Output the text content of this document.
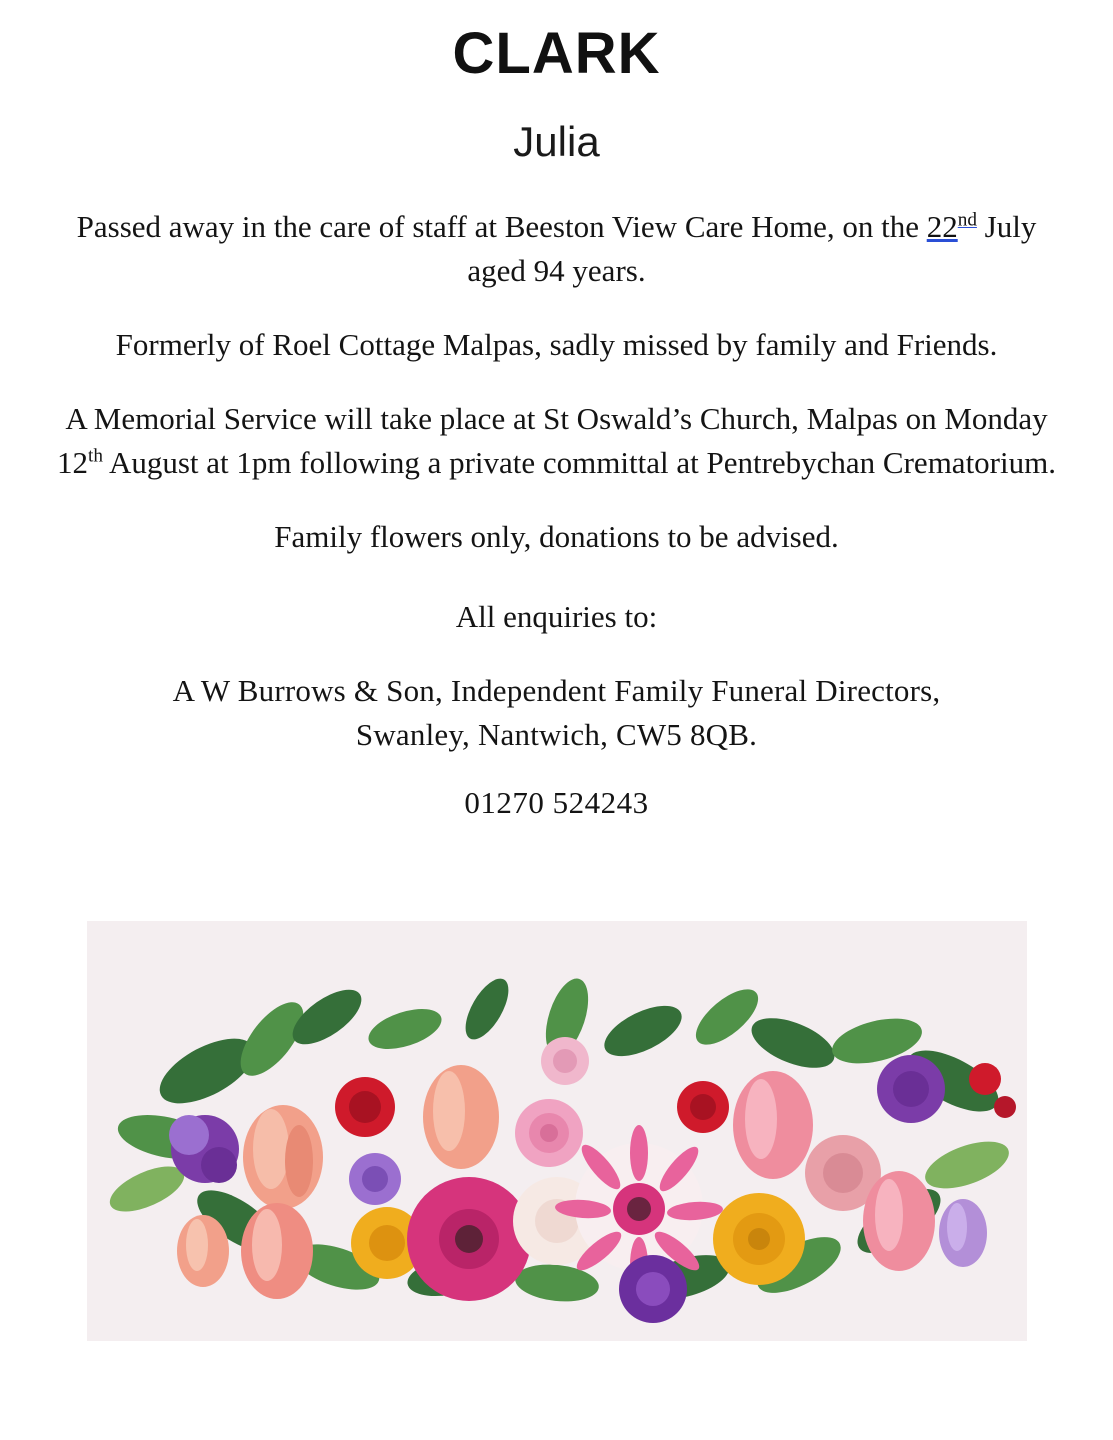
CLARK
Julia

Passed away in the care of staff at Beeston View Care Home, on the 22nd July aged 94 years.

Formerly of Roel Cottage Malpas, sadly missed by family and Friends.

A Memorial Service will take place at St Oswald’s Church, Malpas on Monday 12th August at 1pm following a private committal at Pentrebychan Crematorium.

Family flowers only, donations to be advised.

All enquiries to:

A W Burrows & Son, Independent Family Funeral Directors,
Swanley, Nantwich, CW5 8QB.

01270 524243
